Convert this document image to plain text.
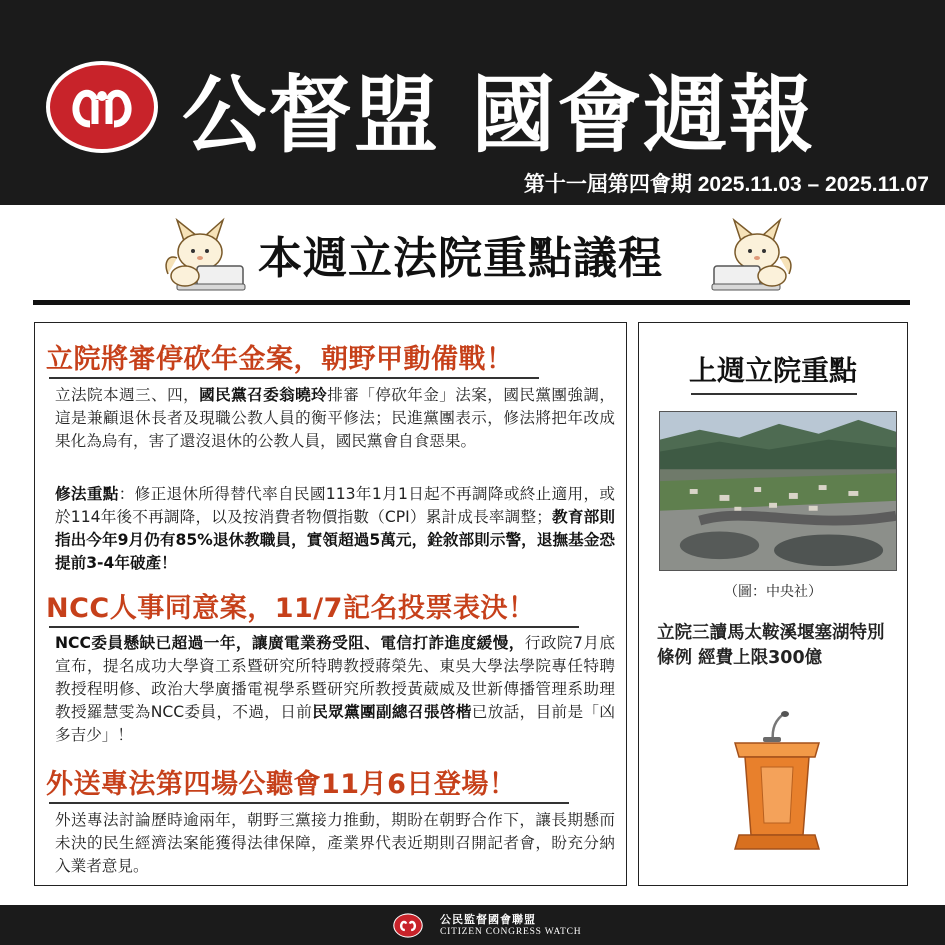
公督盟 國會週報
第十一屆第四會期 2025.11.03 – 2025.11.07
本週立法院重點議程
立院將審停砍年金案，朝野甲動備戰！
立法院本週三、四，國民黨召委翁曉玲排審「停砍年金」法案，國民黨團強調，這是兼顧退休長者及現職公教人員的衡平修法；民進黨團表示，修法將把年改成果化為烏有，害了還沒退休的公教人員，國民黨會自食惡果。
修法重點：修正退休所得替代率自民國113年1月1日起不再調降或終止適用，或於114年後不再調降，以及按消費者物價指數（CPI）累計成長率調整；教育部則指出今年9月仍有85%退休教職員，實領超過5萬元，銓敘部則示警，退撫基金恐提前3-4年破產！
NCC人事同意案，11/7記名投票表決！
NCC委員懸缺已超過一年，讓廣電業務受阻、電信打詐進度緩慢，行政院7月底宣布，提名成功大學資工系暨研究所特聘教授蔣榮先、東吳大學法學院專任特聘教授程明修、政治大學廣播電視學系暨研究所教授黃葳威及世新傳播管理系助理教授羅慧雯為NCC委員，不過，日前民眾黨團副總召張啓楷已放話，目前是「凶多吉少」！
外送專法第四場公聽會11月6日登場！
外送專法討論歷時逾兩年，朝野三黨接力推動，期盼在朝野合作下，讓長期懸而未決的民生經濟法案能獲得法律保障，產業界代表近期則召開記者會，盼充分納入業者意見。
上週立院重點
（圖：中央社）
立院三讀馬太鞍溪堰塞湖特別條例 經費上限300億
公民監督國會聯盟
CITIZEN CONGRESS WATCH
